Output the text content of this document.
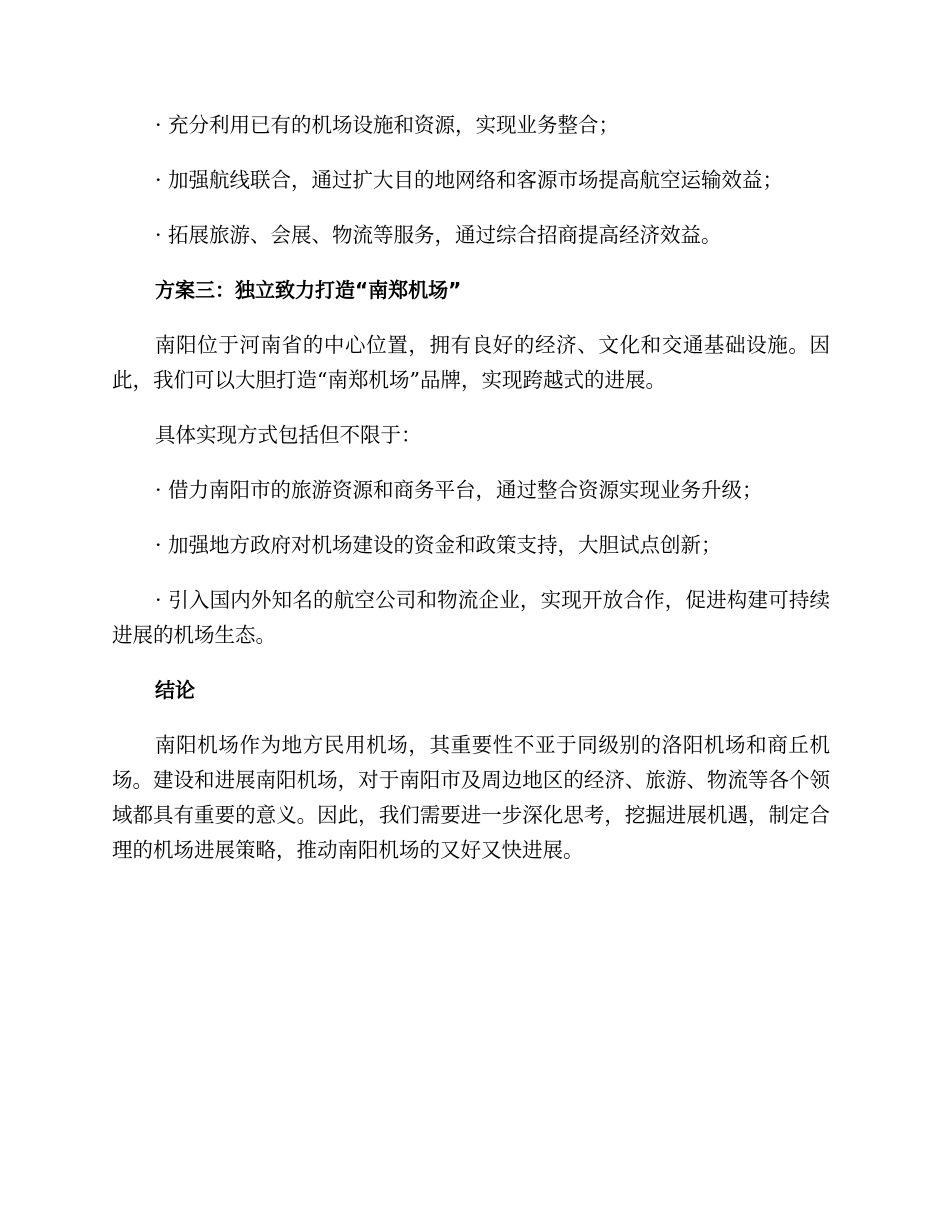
· 充分利用已有的机场设施和资源，实现业务整合；

· 加强航线联合，通过扩大目的地网络和客源市场提高航空运输效益；

· 拓展旅游、会展、物流等服务，通过综合招商提高经济效益。

方案三：独立致力打造“南郑机场”

南阳位于河南省的中心位置，拥有良好的经济、文化和交通基础设施。因此，我们可以大胆打造“南郑机场”品牌，实现跨越式的进展。

具体实现方式包括但不限于：

· 借力南阳市的旅游资源和商务平台，通过整合资源实现业务升级；

· 加强地方政府对机场建设的资金和政策支持，大胆试点创新；

· 引入国内外知名的航空公司和物流企业，实现开放合作，促进构建可持续进展的机场生态。

结论

南阳机场作为地方民用机场，其重要性不亚于同级别的洛阳机场和商丘机场。建设和进展南阳机场，对于南阳市及周边地区的经济、旅游、物流等各个领域都具有重要的意义。因此，我们需要进一步深化思考，挖掘进展机遇，制定合理的机场进展策略，推动南阳机场的又好又快进展。
